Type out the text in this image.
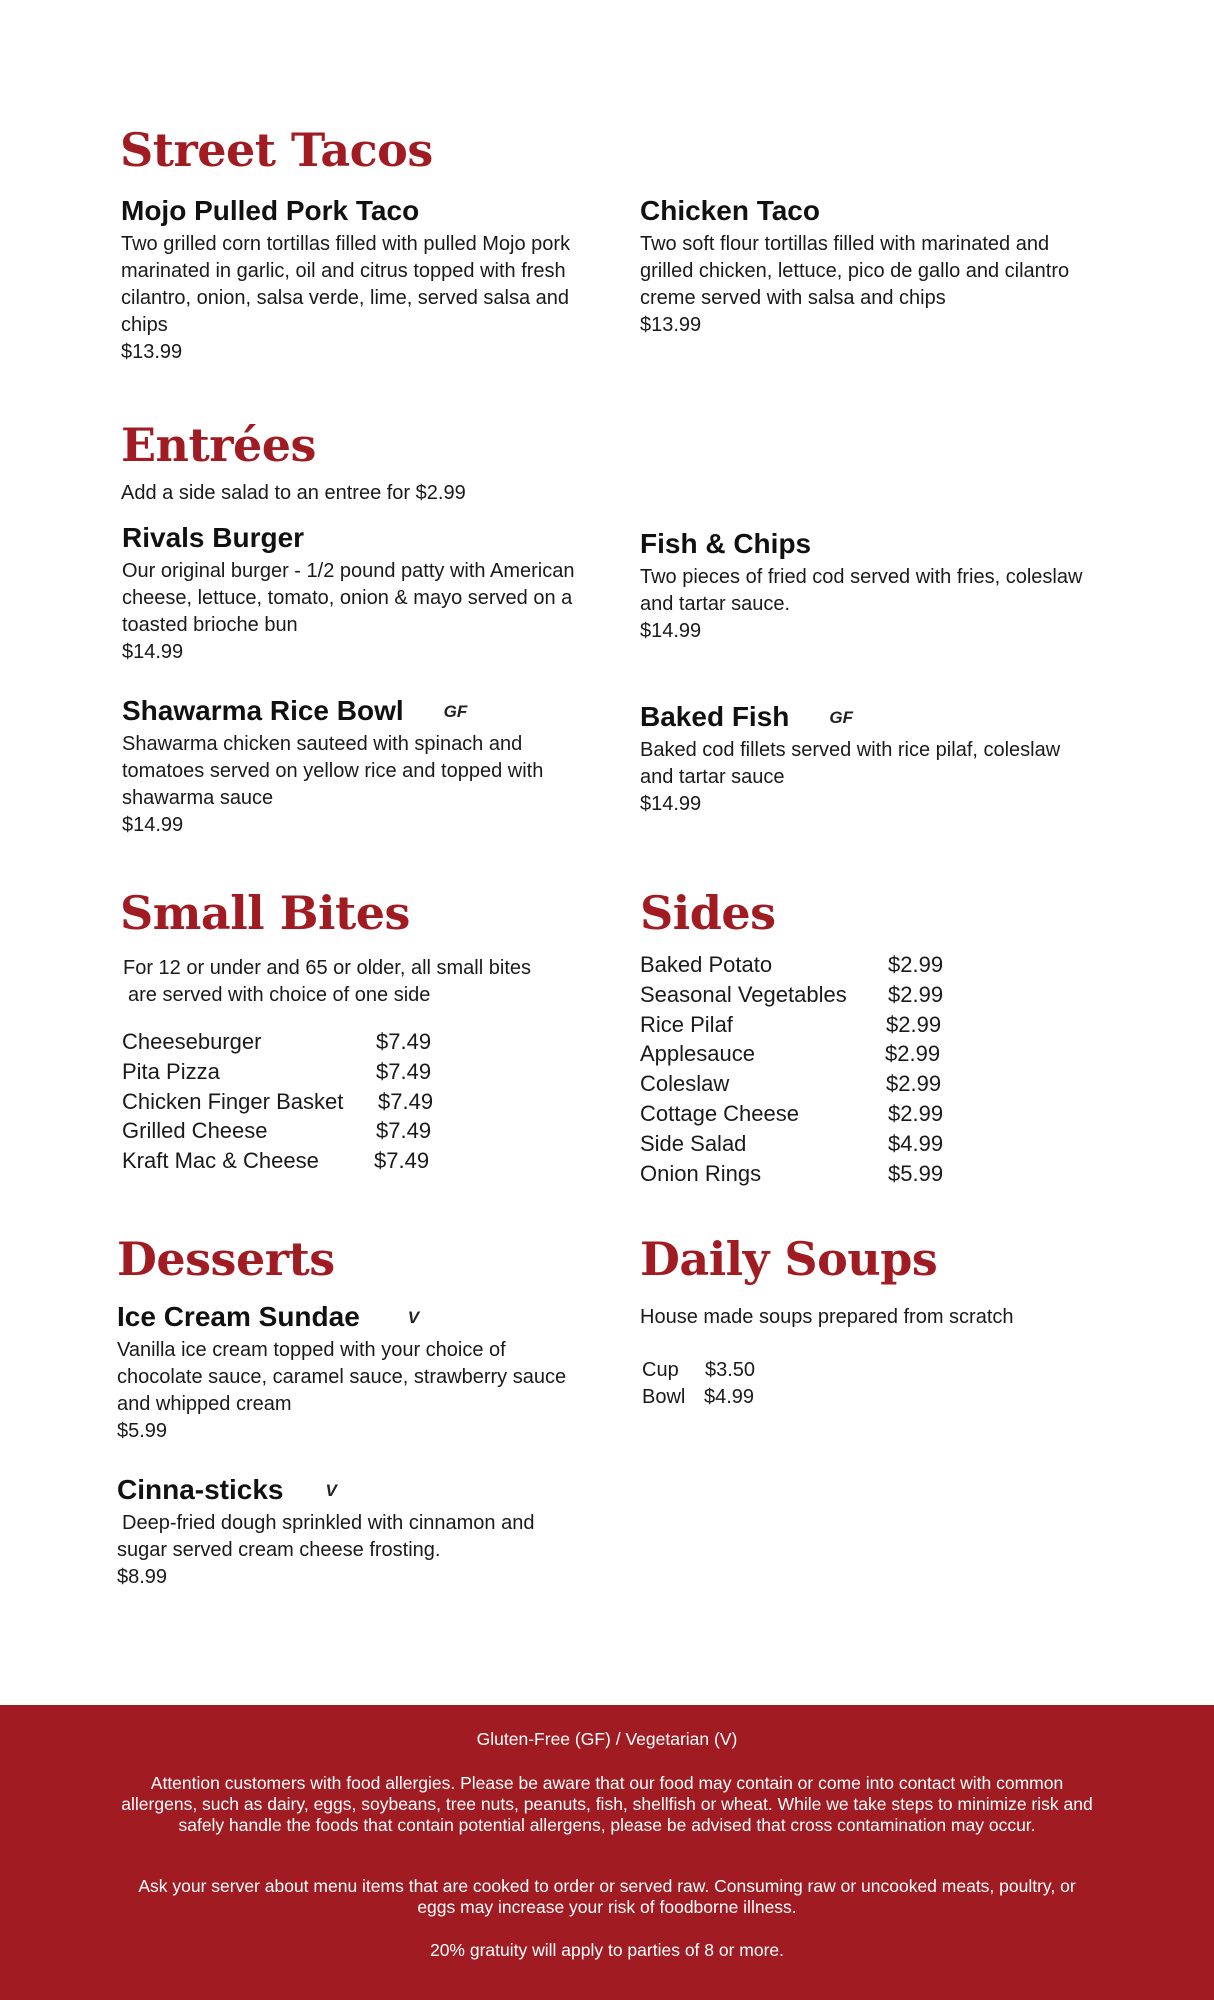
Street Tacos
Mojo Pulled Pork Taco
Two grilled corn tortillas filled with pulled Mojo pork marinated in garlic, oil and citrus topped with fresh cilantro, onion, salsa verde, lime, served salsa and chips
$13.99
Chicken Taco
Two soft flour tortillas filled with marinated and grilled chicken, lettuce, pico de gallo and cilantro creme served with salsa and chips
$13.99
Entrées
Add a side salad to an entree for $2.99
Rivals Burger
Our original burger - 1/2 pound patty with American cheese, lettuce, tomato, onion & mayo served on a toasted brioche bun
$14.99
Fish & Chips
Two pieces of fried cod served with fries, coleslaw and tartar sauce.
$14.99
Shawarma Rice Bowl GF
Shawarma chicken sauteed with spinach and tomatoes served on yellow rice and topped with shawarma sauce
$14.99
Baked Fish GF
Baked cod fillets served with rice pilaf, coleslaw and tartar sauce
$14.99
Small Bites
For 12 or under and 65 or older, all small bites
are served with choice of one side
Cheeseburger	$7.49
Pita Pizza	$7.49
Chicken Finger Basket	$7.49
Grilled Cheese	$7.49
Kraft Mac & Cheese	$7.49
Sides
Baked Potato	$2.99
Seasonal Vegetables	$2.99
Rice Pilaf	$2.99
Applesauce	$2.99
Coleslaw	$2.99
Cottage Cheese	$2.99
Side Salad	$4.99
Onion Rings	$5.99
Desserts
Ice Cream Sundae	V
Vanilla ice cream topped with your choice of chocolate sauce, caramel sauce, strawberry sauce and whipped cream
$5.99
Cinna-sticks V
Deep-fried dough sprinkled with cinnamon and sugar served cream cheese frosting.
$8.99
Daily Soups
House made soups prepared from scratch
Cup	$3.50
Bowl $4.99

Gluten-Free (GF) / Vegetarian (V)

Attention customers with food allergies. Please be aware that our food may contain or come into contact with common allergens, such as dairy, eggs, soybeans, tree nuts, peanuts, fish, shellfish or wheat. While we take steps to minimize risk and safely handle the foods that contain potential allergens, please be advised that cross contamination may occur.

Ask your server about menu items that are cooked to order or served raw. Consuming raw or uncooked meats, poultry, or eggs may increase your risk of foodborne illness.

20% gratuity will apply to parties of 8 or more.
